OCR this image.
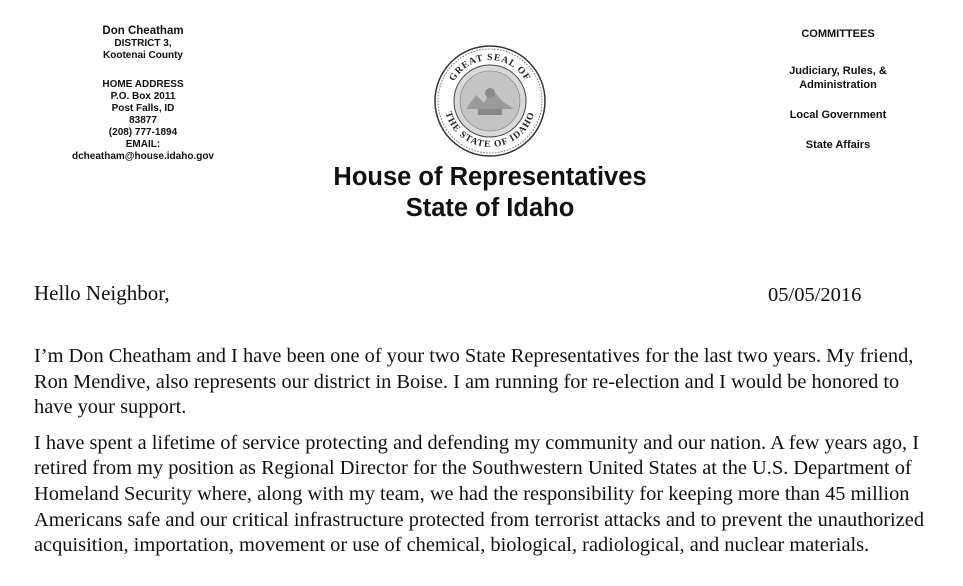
Don Cheatham
DISTRICT 3,
Kootenai County
HOME ADDRESS
P.O. Box 2011
Post Falls, ID
83877
(208) 777-1894
EMAIL:
dcheatham@house.idaho.gov
GREAT SEAL OF
THE STATE OF IDAHO
COMMITTEES
Judiciary, Rules, &
Administration
Local Government
State Affairs
House of Representatives
State of Idaho
Hello Neighbor,	05/05/2016

I’m Don Cheatham and I have been one of your two State Representatives for the last two years. My friend, Ron Mendive, also represents our district in Boise. I am running for re-election and I would be honored to have your support.

I have spent a lifetime of service protecting and defending my community and our nation. A few years ago, I retired from my position as Regional Director for the Southwestern United States at the U.S. Department of Homeland Security where, along with my team, we had the responsibility for keeping more than 45 million Americans safe and our critical infrastructure protected from terrorist attacks and to prevent the unauthorized acquisition, importation, movement or use of chemical, biological, radiological, and nuclear materials.
